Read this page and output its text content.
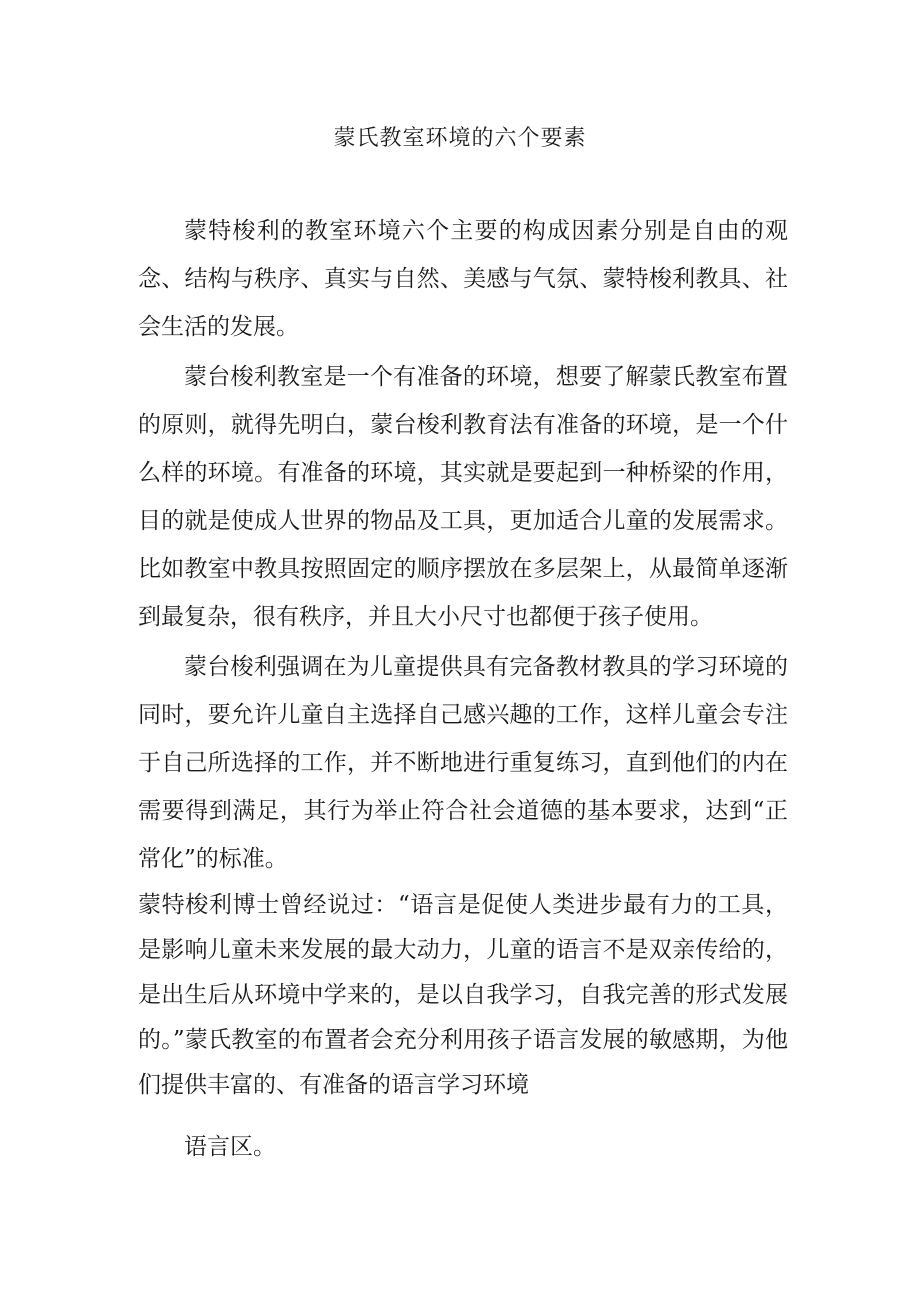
蒙氏教室环境的六个要素

蒙特梭利的教室环境六个主要的构成因素分别是自由的观念、结构与秩序、真实与自然、美感与气氛、蒙特梭利教具、社会生活的发展。

蒙台梭利教室是一个有准备的环境，想要了解蒙氏教室布置的原则，就得先明白，蒙台梭利教育法有准备的环境，是一个什么样的环境。有准备的环境，其实就是要起到一种桥梁的作用，目的就是使成人世界的物品及工具，更加适合儿童的发展需求。比如教室中教具按照固定的顺序摆放在多层架上，从最简单逐渐到最复杂，很有秩序，并且大小尺寸也都便于孩子使用。

蒙台梭利强调在为儿童提供具有完备教材教具的学习环境的同时，要允许儿童自主选择自己感兴趣的工作，这样儿童会专注于自己所选择的工作，并不断地进行重复练习，直到他们的内在需要得到满足，其行为举止符合社会道德的基本要求，达到“正常化”的标准。

蒙特梭利博士曾经说过：“语言是促使人类进步最有力的工具，是影响儿童未来发展的最大动力，儿童的语言不是双亲传给的，是出生后从环境中学来的，是以自我学习，自我完善的形式发展的。”蒙氏教室的布置者会充分利用孩子语言发展的敏感期，为他们提供丰富的、有准备的语言学习环境

语言区。
